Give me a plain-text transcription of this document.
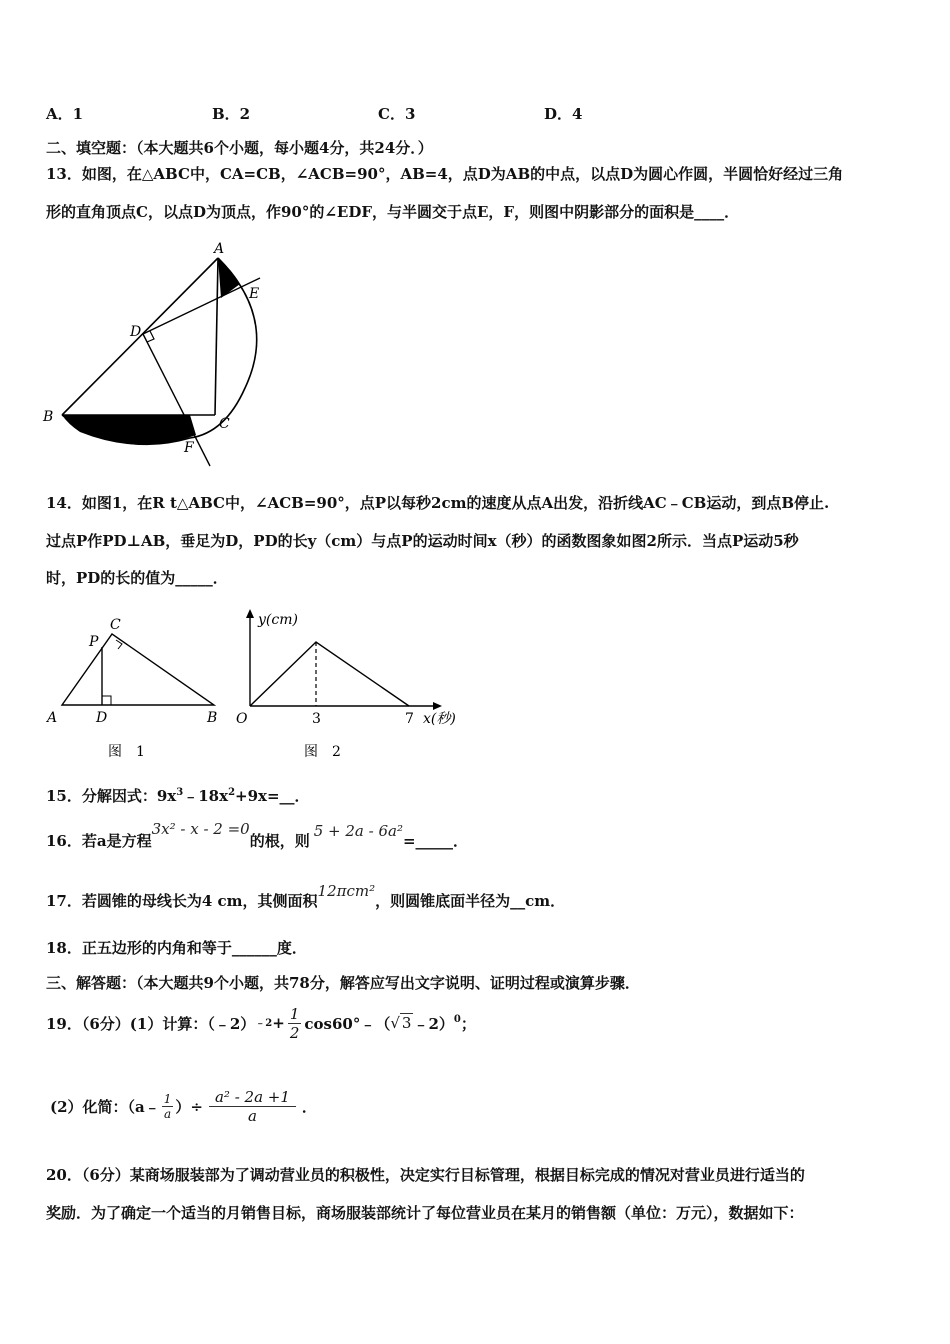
A．1	B．2	C．3	D．4
二、填空题：（本大题共6个小题，每小题4分，共24分．）
13．如图，在△ABC中，CA=CB，∠ACB=90°，AB=4，点D为AB的中点，以点D为圆心作圆，半圆恰好经过三角
形的直角顶点C，以点D为顶点，作90°的∠EDF，与半圆交于点E，F，则图中阴影部分的面积是____．
A
B	C
D
E
F
14．如图1，在R t△ABC中，∠ACB=90°，点P以每秒2cm的速度从点A出发，沿折线AC﹣CB运动，到点B停止.
过点P作PD⊥AB，垂足为D，PD的长y（cm）与点P的运动时间x（秒）的函数图象如图2所示．当点P运动5秒
时，PD的长的值为_____．
A	B
C
D
P
图　1
y(cm)
x(秒)
O	3	7
图　2
15．分解因式：$9x^3﹣18x^2+9x=\_\_$．
16．若a是方程3x² - x - 2 =0的根，则5 + 2a - 6a²=_____．
17．若圆锥的母线长为4 cm，其侧面积12πcm²，则圆锥底面半径为__cm．
18．正五边形的内角和等于______度．
三、解答题：（本大题共9个小题，共78分，解答应写出文字说明、证明过程或演算步骤．
19．（6分）(1）计算：（﹣2） ﹣2 + $\frac{1}{2}$ cos60°﹣（ √ 3 ﹣2）$^0$ ；
(2）化简：（a﹣ $\frac{1}{a}$ ）÷ $\frac{\text{a² - 2a +1}}{a}$ ．
20．（6分）某商场服装部为了调动营业员的积极性，决定实行目标管理，根据目标完成的情况对营业员进行适当的
奖励．为了确定一个适当的月销售目标，商场服装部统计了每位营业员在某月的销售额（单位：万元），数据如下：
